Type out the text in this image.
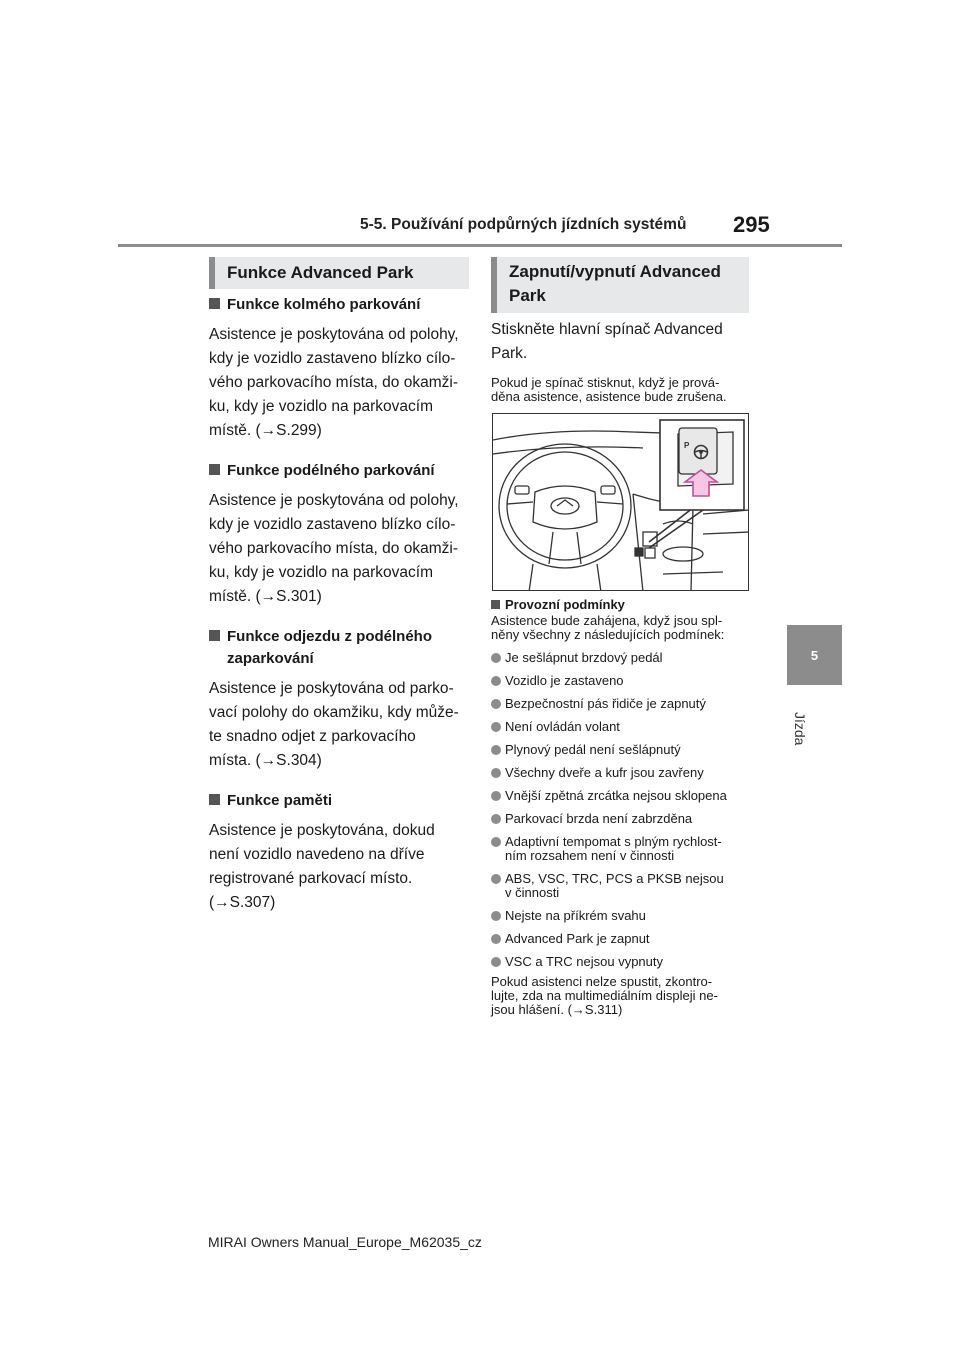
5-5. Používání podpůrných jízdních systémů 295
5
Jízda
Funkce Advanced Park

Funkce kolmého parkování

Asistence je poskytována od polohy,

kdy je vozidlo zastaveno blízko cílo-

vého parkovacího místa, do okamži-

ku, kdy je vozidlo na parkovacím

místě. (→S.299)

Funkce podélného parkování

Asistence je poskytována od polohy,

kdy je vozidlo zastaveno blízko cílo-

vého parkovacího místa, do okamži-

ku, kdy je vozidlo na parkovacím

místě. (→S.301)

Funkce odjezdu z podélného

zaparkování

Asistence je poskytována od parko-

vací polohy do okamžiku, kdy může-

te snadno odjet z parkovacího

místa. (→S.304)

Funkce paměti

Asistence je poskytována, dokud

není vozidlo navedeno na dříve

registrované parkovací místo.

(→S.307)

Zapnutí/vypnutí Advanced
Park

Stiskněte hlavní spínač Advanced

Park.

Pokud je spínač stisknut, když je prová-

děna asistence, asistence bude zrušena.

P

Provozní podmínky

Asistence bude zahájena, když jsou spl-

něny všechny z následujících podmínek:

Je sešlápnut brzdový pedál
Vozidlo je zastaveno
Bezpečnostní pás řidiče je zapnutý
Není ovládán volant
Plynový pedál není sešlápnutý
Všechny dveře a kufr jsou zavřeny
Vnější zpětná zrcátka nejsou sklopena
Parkovací brzda není zabrzděna
Adaptivní tempomat s plným rychlost-
ním rozsahem není v činnosti
ABS, VSC, TRC, PCS a PKSB nejsou
v činnosti
Nejste na příkrém svahu
Advanced Park je zapnut
VSC a TRC nejsou vypnuty

Pokud asistenci nelze spustit, zkontro-

lujte, zda na multimediálním displeji ne-

jsou hlášení. (→S.311)

MIRAI Owners Manual_Europe_M62035_cz
